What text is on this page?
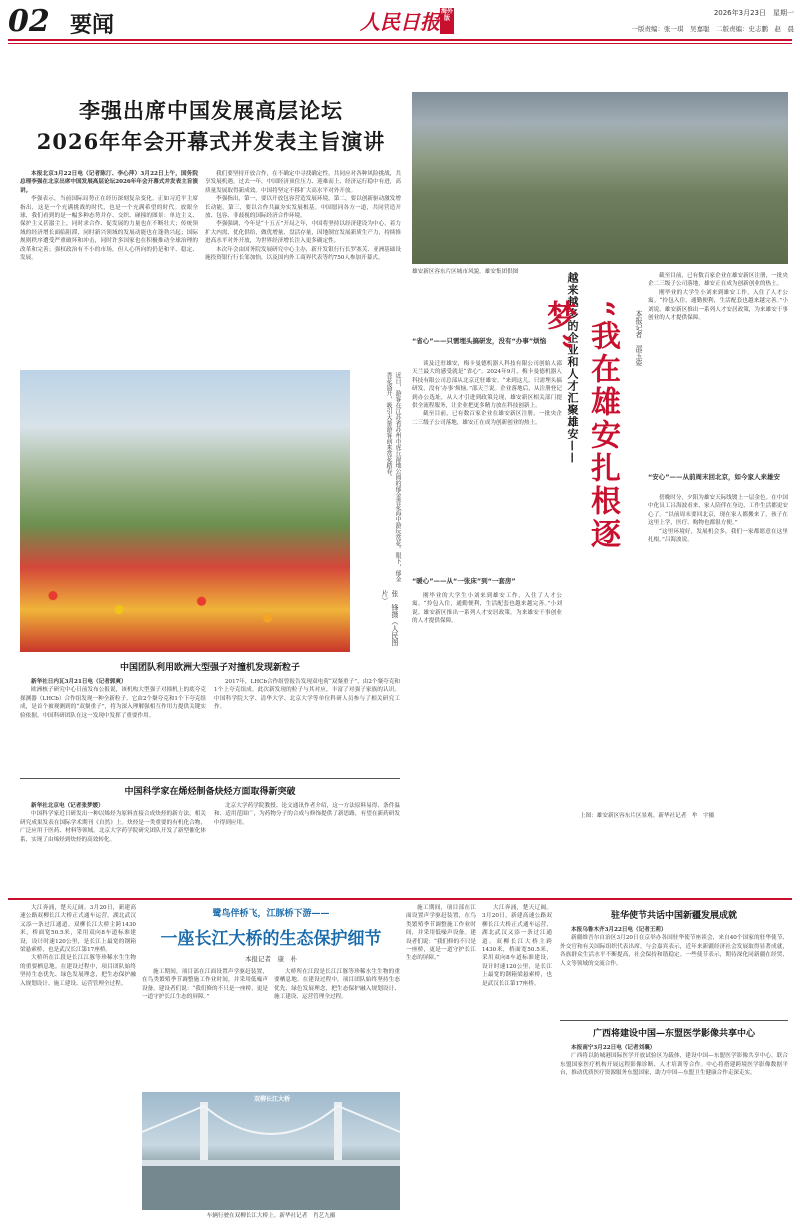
02 要闻	人民日报 海外版
2026年3月23日　星期一
一版责编：张一琪　吴嘉聪　二版责编：史志鹏　赵　晨
李强出席中国发展高层论坛
2026年年会开幕式并发表主旨演讲

本报北京3月22日电（记者陈汀、李心萍）3月22日上午，国务院总理李强在北京出席中国发展高层论坛2026年年会开幕式并发表主旨演讲。

李强表示，当前国际局势正在经历深刻复杂变化。正如习近平主席指出，这是一个充满挑战的时代，也是一个充满希望的时代。放眼全球，我们看到的是一幅多种态势并存、交织、碰撞的图景：单边主义、保护主义甚嚣尘上，同时求合作、促发展的力量也在不断壮大；传统领域的经济增长面临阻滞，同时新兴领域的发展动能也在蓬勃兴起；国际规则秩序遭受严重破坏和冲击，同时许多国家也在积极推动全球治理的改革和完善；强权政治有不小的市场，但人心所向的仍是和平、稳定、发展。

我们要坚持开放合作，在不确定中寻找确定性，共同应对各种风险挑战，共享发展机遇。过去一年，中国经济顶住压力、迎难而上，经济运行稳中有进，高质量发展取得新成效。中国将坚定不移扩大高水平对外开放。

李强指出，第一，要以开放包容营造发展环境。第二，要以创新驱动激发增长动能。第三，要以合作共赢夯实发展根基。中国愿同各方一道，共同营造开放、包容、非歧视的国际经济合作环境。

李强强调，今年是“十五五”开局之年，中国将坚持以经济建设为中心，着力扩大内需、优化供给，做优增量、盘活存量，因地制宜发展新质生产力，持续推进高水平对外开放，为世界经济增长注入更多确定性。

本次年会由国务院发展研究中心主办，新开发银行行长罗塞芙、亚洲基础设施投资银行行长邹加怡，以及国内外工商界代表等约750人参加开幕式。

近日，游客在江苏省苏州市虎丘湿地公园的郁金香花海中游玩赏花。眼下，郁金香花盛开，吸引大量游客前来赏花踏春。
张　锋摄（人民图片）
中国团队利用欧洲大型强子对撞机发现新粒子

新华社日内瓦3月21日电（记者郭爽）

欧洲核子研究中心日前发布公报说，该机构大型强子对撞机上的底夸克探测器（LHCb）合作组发现一种全新粒子。它由2个粲夸克和1个下夸克组成，是首个被观测到的“双粲重子”，将为深入理解强相互作用力提供关键实验依据。中国科研团队在这一发现中发挥了重要作用。

2017年，LHCb合作组曾报告发现双电荷“双粲重子”，由2个粲夸克和1个上夸克组成。此次新发现的粒子与其对应，丰富了对强子家族的认识。中国科学院大学、清华大学、北京大学等单位科研人员参与了相关研究工作。

中国科学家在烯烃制备炔烃方面取得新突破

新华社北京电（记者张梦媛）

中国科学家近日研发出一种以烯烃为原料直接合成炔烃的新方法，相关研究成果发表在国际学术期刊《自然》上。炔烃是一类重要的有机化合物，广泛应用于医药、材料等领域。北京大学药学院研究团队开发了新型催化体系，实现了由烯烃到炔烃的高效转化。

北京大学药学院教授、论文通讯作者介绍，这一方法原料易得、条件温和、适用范围广，为药物分子的合成与修饰提供了新思路，有望在新药研发中得到应用。

雄安新区容东片区城市风貌。雄安集团供图	越来越多的企业和人才汇聚雄安—— “我在雄安扎根逐梦”	本报记者　邵玉姿
“省心”——只需埋头搞研发，没有“办事”烦恼

谈及迁驻雄安，梅卡曼德机器人科技有限公司创始人邵天兰最大的感受就是“省心”。2024年9月，梅卡曼德机器人科技有限公司总部从北京迁驻雄安。“来到这儿，只需埋头搞研发，没有‘办事’烦恼。”邵天兰说。企业落地后，从注册登记到办公选址，从人才引进到政策兑现，雄安新区相关部门提供全流程服务，让企业把更多精力放在科技创新上。

截至目前，已有数百家企业在雄安新区注册，一批央企二三级子公司落地，雄安正在成为创新创业的热土。

“暖心”——从“一张床”到“一套房”

刚毕业的大学生小刘来到雄安工作，入住了人才公寓。“拎包入住，通勤便利，生活配套也越来越完善。”小刘说。雄安新区推出一系列人才安居政策，为来雄安干事创业的人才提供保障。

截至目前，已有数百家企业在雄安新区注册，一批央企二三级子公司落地，雄安正在成为创新创业的热土。

刚毕业的大学生小刘来到雄安工作，入住了人才公寓。“拎包入住，通勤便利，生活配套也越来越完善。”小刘说。雄安新区推出一系列人才安居政策，为来雄安干事创业的人才提供保障。

“安心”——从前周末回北京，如今家人来雄安

傍晚时分，夕阳为雄安天际线镀上一层金色。在中国中化员工吕海波看来，家人陪伴在身边，工作生活都更安心了。“以前周末要回北京，现在家人都搬来了，孩子在这里上学，医疗、购物也都很方便。”

“这里环境好，发展机会多，我们一家都愿意在这里扎根。”吕海波说。

上图：雄安新区容东片区景观。新华社记者　牟　宇摄

大江奔涌，楚天辽阔。3月20日，新建高速公路双柳长江大桥正式通车运营，湖北武汉又添一条过江通道。双柳长江大桥主跨1430米，桥面宽50.5米，采用双向8车道标准建设，设计时速120公里，是长江上最宽的钢箱梁悬索桥，也是武汉长江第17座桥。

大桥所在江段是长江江豚等珍稀水生生物的重要栖息地。在建设过程中，项目团队始终坚持生态优先、绿色发展理念，把生态保护融入规划设计、施工建设、运营管理全过程。

鹭鸟伴桥飞，江豚桥下游——
一座长江大桥的生态保护细节
本报记者　康　朴

施工期间，项目部在江面设置声学驱赶装置，在鸟类繁殖季节调整施工作业时间，并采用低噪声设备。建设者们说：“我们修的不只是一座桥，更是一道守护长江生态的屏障。”

大桥所在江段是长江江豚等珍稀水生生物的重要栖息地。在建设过程中，项目团队始终坚持生态优先、绿色发展理念，把生态保护融入规划设计、施工建设、运营管理全过程。

双柳长江大桥
车辆行驶在双柳长江大桥上。新华社记者　肖艺九摄

施工期间，项目部在江面设置声学驱赶装置，在鸟类繁殖季节调整施工作业时间，并采用低噪声设备。建设者们说：“我们修的不只是一座桥，更是一道守护长江生态的屏障。”

大江奔涌，楚天辽阔。3月20日，新建高速公路双柳长江大桥正式通车运营，湖北武汉又添一条过江通道。双柳长江大桥主跨1430米，桥面宽50.5米，采用双向8车道标准建设，设计时速120公里，是长江上最宽的钢箱梁悬索桥，也是武汉长江第17座桥。

驻华使节共话中国新疆发展成就

本报乌鲁木齐3月22日电（记者王莉）

新疆维吾尔自治区3月20日在京举办各国驻华使节座谈会，来自40个国家的驻华使节、外交官和有关国际组织代表出席。与会嘉宾表示，近年来新疆经济社会发展取得显著成就，各族群众生活水平不断提高，社会保持和谐稳定。一些使节表示，期待深化同新疆在经贸、人文等领域的交流合作。

广西将建设中国—东盟医学影像共享中心

本报南宁3月22日电（记者刘襄）

广西将以防城港国际医学开放试验区为载体，建设中国—东盟医学影像共享中心，联合东盟国家医疗机构开展远程影像诊断、人才培训等合作。中心将搭建跨境医学影像数据平台，推动优质医疗资源服务东盟国家，助力中国—东盟卫生健康合作走深走实。
